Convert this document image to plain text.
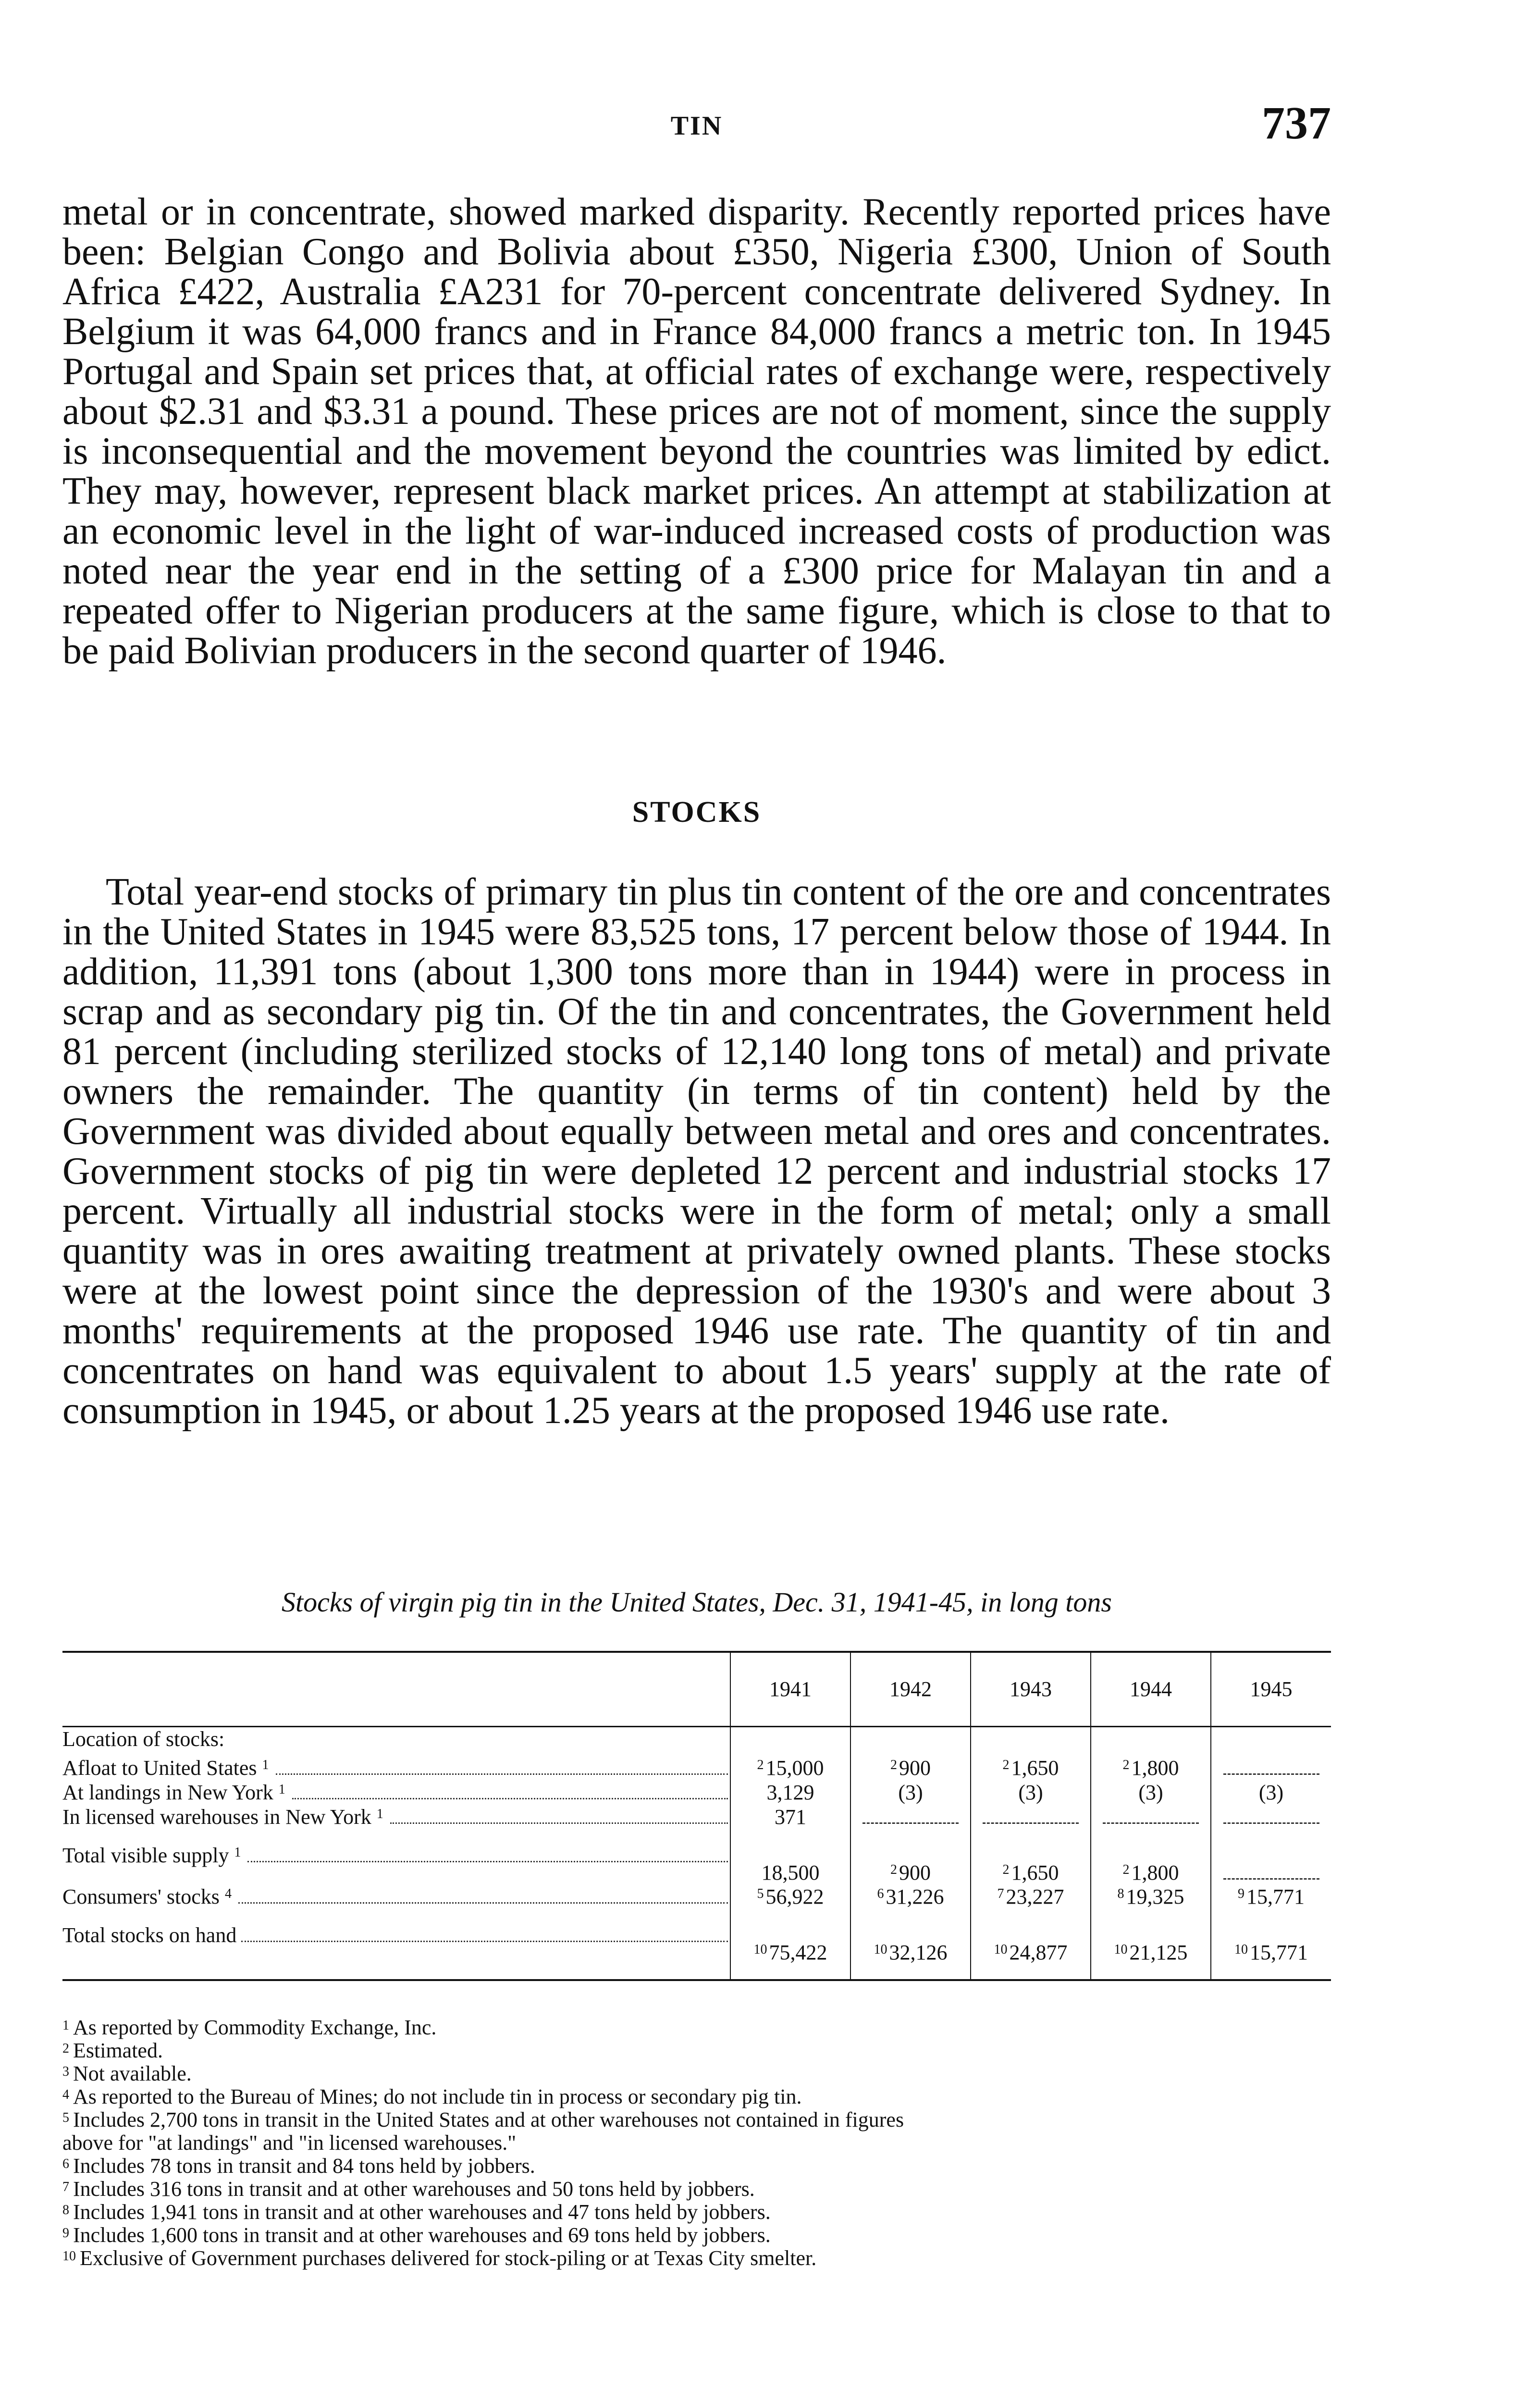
TIN	737

metal or in concentrate, showed marked disparity. Recently reported prices have been: Belgian Congo and Bolivia about £350, Nigeria £300, Union of South Africa £422, Australia £A231 for 70-percent concentrate delivered Sydney. In Belgium it was 64,000 francs and in France 84,000 francs a metric ton. In 1945 Portugal and Spain set prices that, at official rates of exchange were, respectively about $2.31 and $3.31 a pound. These prices are not of moment, since the supply is inconsequential and the movement beyond the countries was limited by edict. They may, however, represent black market prices. An attempt at stabilization at an economic level in the light of war-induced increased costs of production was noted near the year end in the setting of a £300 price for Malayan tin and a repeated offer to Nigerian producers at the same figure, which is close to that to be paid Bolivian producers in the second quarter of 1946.

STOCKS

Total year-end stocks of primary tin plus tin content of the ore and concentrates in the United States in 1945 were 83,525 tons, 17 percent below those of 1944. In addition, 11,391 tons (about 1,300 tons more than in 1944) were in process in scrap and as secondary pig tin. Of the tin and concentrates, the Government held 81 percent (including sterilized stocks of 12,140 long tons of metal) and private owners the remainder. The quantity (in terms of tin content) held by the Government was divided about equally between metal and ores and concentrates. Government stocks of pig tin were depleted 12 percent and industrial stocks 17 percent. Virtually all industrial stocks were in the form of metal; only a small quantity was in ores awaiting treatment at privately owned plants. These stocks were at the lowest point since the depression of the 1930's and were about 3 months' requirements at the proposed 1946 use rate. The quantity of tin and concentrates on hand was equivalent to about 1.5 years' supply at the rate of consumption in 1945, or about 1.25 years at the proposed 1946 use rate.

Stocks of virgin pig tin in the United States, Dec. 31, 1941-45, in long tons
	1941	1942	1943	1944	1945
Location of stocks:					

Afloat to United States $^1$	$^2$15,000	$^2$900	$^2$1,650	$^2$1,800	

At landings in New York $^1$	3,129	(3)	(3)	(3)	(3)

In licensed warehouses in New York $^1$	371				

Total visible supply $^1$	18,500	$^2$900	$^2$1,650	$^2$1,800	

Consumers' stocks $^4$	$^5$56,922	$^6$31,226	$^7$23,227	$^8$19,325	$^9$15,771

Total stocks on hand	$^{10}$75,422	$^{10}$32,126	$^{10}$24,877	$^{10}$21,125	$^{10}$15,771

$^1$ As reported by Commodity Exchange, Inc.

$^2$ Estimated.

$^3$ Not available.

$^4$ As reported to the Bureau of Mines; do not include tin in process or secondary pig tin.

$^5$ Includes 2,700 tons in transit in the United States and at other warehouses not contained in figures

above for "at landings" and "in licensed warehouses."

$^6$ Includes 78 tons in transit and 84 tons held by jobbers.

$^7$ Includes 316 tons in transit and at other warehouses and 50 tons held by jobbers.

$^8$ Includes 1,941 tons in transit and at other warehouses and 47 tons held by jobbers.

$^9$ Includes 1,600 tons in transit and at other warehouses and 69 tons held by jobbers.

$^{10}$ Exclusive of Government purchases delivered for stock-piling or at Texas City smelter.
